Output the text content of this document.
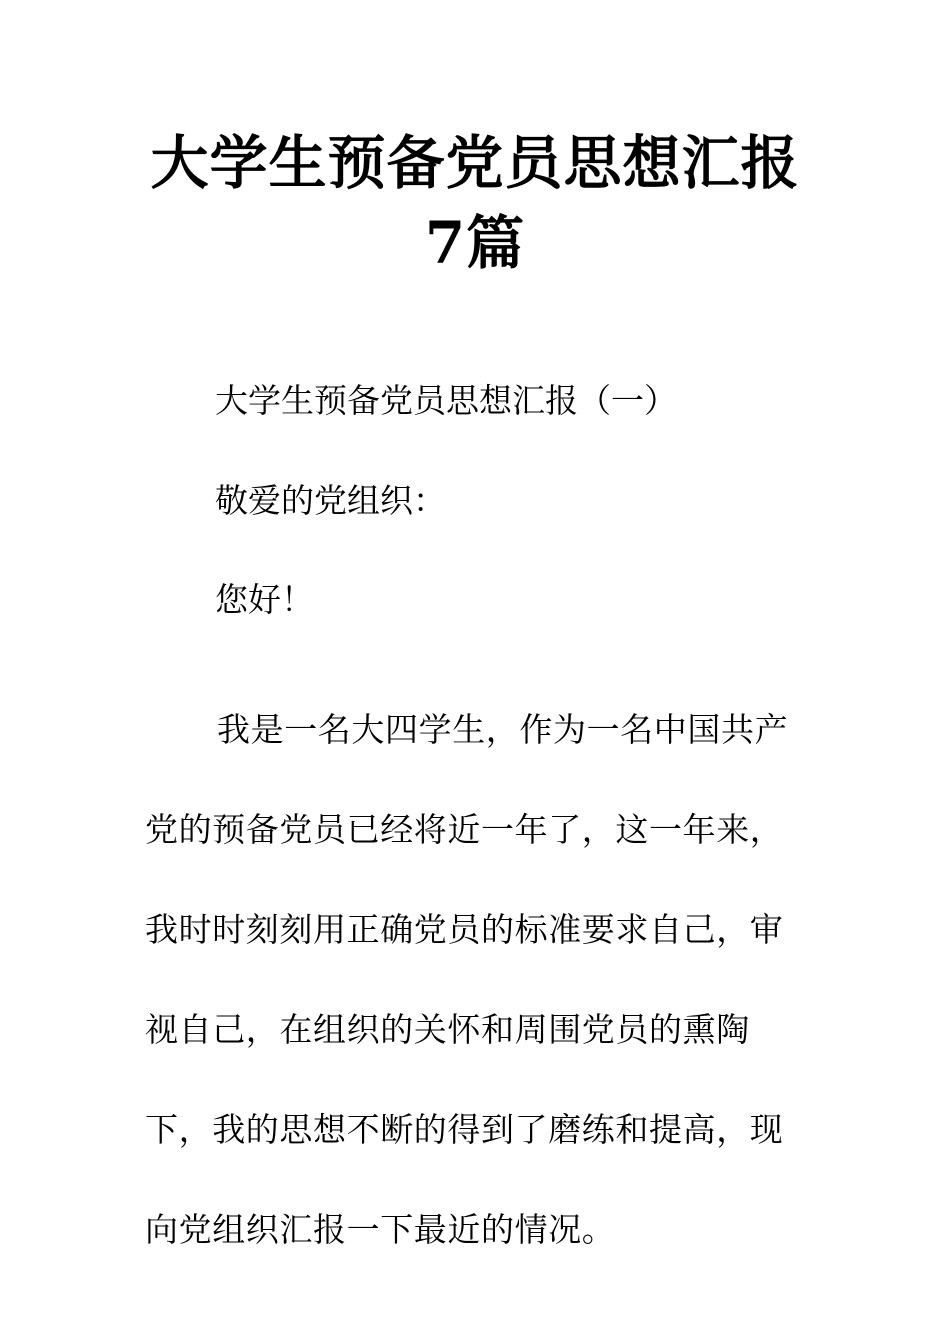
大学生预备党员思想汇报
7篇

大学生预备党员思想汇报（一）

敬爱的党组织：

您好！

我是一名大四学生，作为一名中国共产党的预备党员已经将近一年了，这一年来，我时时刻刻用正确党员的标准要求自己，审视自己，在组织的关怀和周围党员的熏陶下，我的思想不断的得到了磨练和提高，现向党组织汇报一下最近的情况。
